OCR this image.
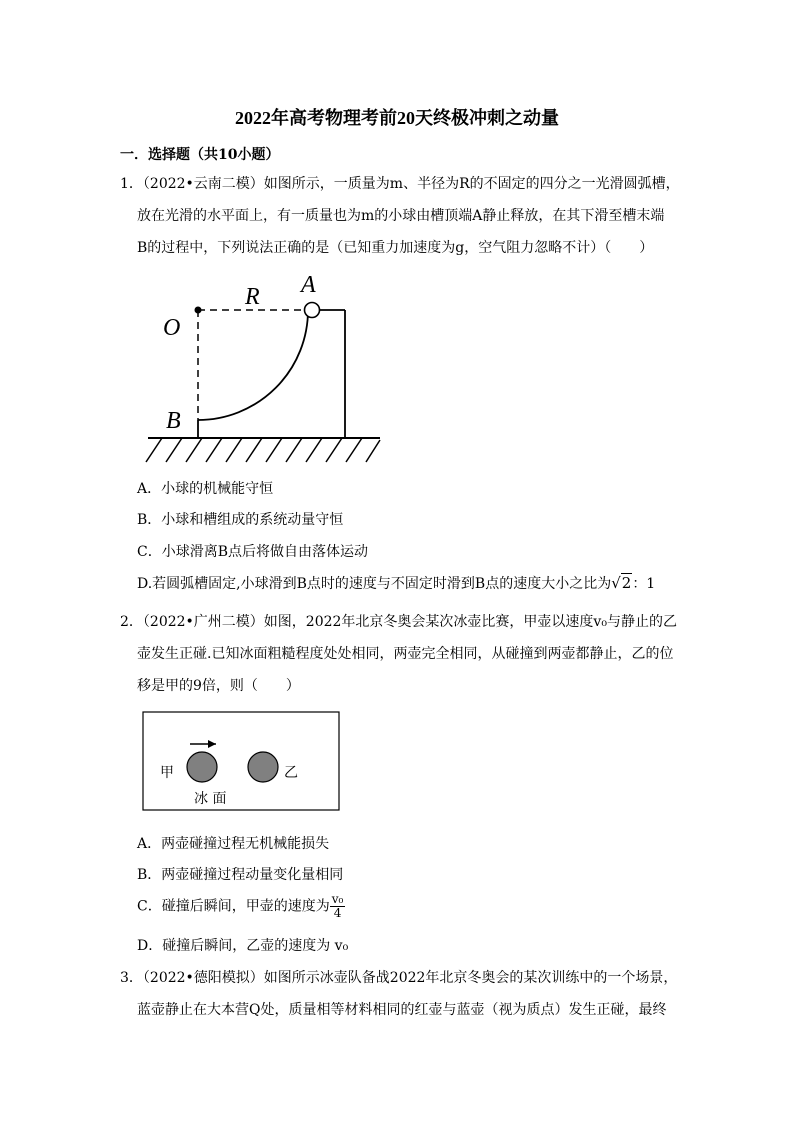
2022年高考物理考前20天终极冲刺之动量
一．选择题（共10小题）
1．（2022•云南二模）如图所示，一质量为m、半径为R的不固定的四分之一光滑圆弧槽，
放在光滑的水平面上，有一质量也为m的小球由槽顶端A静止释放，在其下滑至槽末端
B的过程中，下列说法正确的是（已知重力加速度为g，空气阻力忽略不计）（　　）
O
R A
B
A．小球的机械能守恒
B．小球和槽组成的系统动量守恒
C．小球滑离B点后将做自由落体运动
D.若圆弧槽固定,小球滑到B点时的速度与不固定时滑到B点的速度大小之比为√2：1
2．（2022•广州二模）如图，2022年北京冬奥会某次冰壶比赛，甲壶以速度v₀与静止的乙
壶发生正碰.已知冰面粗糙程度处处相同，两壶完全相同，从碰撞到两壶都静止，乙的位
移是甲的9倍，则（　　）
甲	乙
冰 面
A．两壶碰撞过程无机械能损失
B．两壶碰撞过程动量变化量相同
C．碰撞后瞬间，甲壶的速度为 $\frac{\text{v₀}}{4}$
D．碰撞后瞬间，乙壶的速度为 v₀
3．（2022•德阳模拟）如图所示冰壶队备战2022年北京冬奥会的某次训练中的一个场景，
蓝壶静止在大本营Q处，质量相等材料相同的红壶与蓝壶（视为质点）发生正碰，最终
